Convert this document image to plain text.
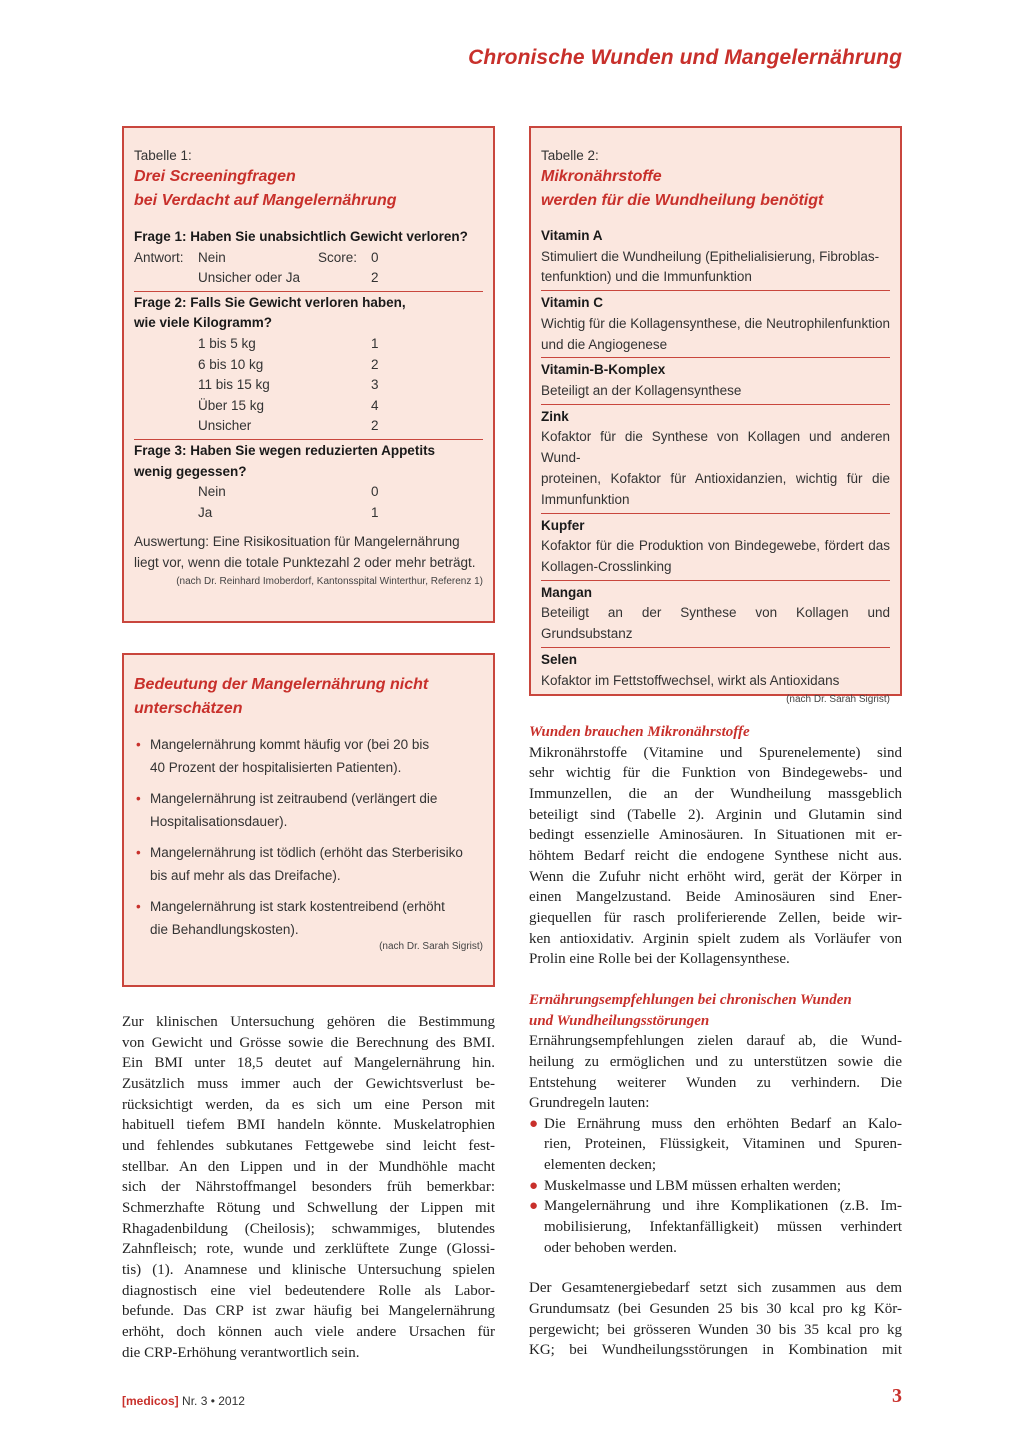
Chronische Wunden und Mangelernährung

Tabelle 1:

Drei Screeningfragen

bei Verdacht auf Mangelernährung

Frage 1: Haben Sie unabsichtlich Gewicht verloren?
Antwort: Nein	Score: 0
Unsicher oder Ja	2
Frage 2: Falls Sie Gewicht verloren haben,
wie viele Kilogramm?
1 bis 5 kg	1
6 bis 10 kg	2
11 bis 15 kg	3
Über 15 kg	4
Unsicher	2
Frage 3: Haben Sie wegen reduzierten Appetits
wenig gegessen?
Nein	0
Ja	1
Auswertung: Eine Risikosituation für Mangelernährung
liegt vor, wenn die totale Punktezahl 2 oder mehr beträgt.
(nach Dr. Reinhard Imoberdorf, Kantonsspital Winterthur, Referenz 1)

Tabelle 2:

Mikronährstoffe

werden für die Wundheilung benötigt

Vitamin A
Stimuliert die Wundheilung (Epithelialisierung, Fibroblas-
tenfunktion) und die Immunfunktion
Vitamin C
Wichtig für die Kollagensynthese, die Neutrophilenfunktion
und die Angiogenese
Vitamin-B-Komplex
Beteiligt an der Kollagensynthese
Zink
Kofaktor für die Synthese von Kollagen und anderen Wund-
proteinen, Kofaktor für Antioxidanzien, wichtig für die
Immunfunktion
Kupfer
Kofaktor für die Produktion von Bindegewebe, fördert das
Kollagen-Crosslinking
Mangan
Beteiligt an der Synthese von Kollagen und Grundsubstanz
Selen
Kofaktor im Fettstoffwechsel, wirkt als Antioxidans
(nach Dr. Sarah Sigrist)

Bedeutung der Mangelernährung nicht

unterschätzen

• Mangelernährung kommt häufig vor (bei 20 bis
40 Prozent der hospitalisierten Patienten).
• Mangelernährung ist zeitraubend (verlängert die
Hospitalisationsdauer).
• Mangelernährung ist tödlich (erhöht das Sterberisiko
bis auf mehr als das Dreifache).
• Mangelernährung ist stark kostentreibend (erhöht
die Behandlungskosten).
(nach Dr. Sarah Sigrist)
Zur klinischen Untersuchung gehören die Bestimmung
von Gewicht und Grösse sowie die Berechnung des BMI.
Ein BMI unter 18,5 deutet auf Mangelernährung hin.
Zusätzlich muss immer auch der Gewichtsverlust be-
rücksichtigt werden, da es sich um eine Person mit
habituell tiefem BMI handeln könnte. Muskelatrophien
und fehlendes subkutanes Fettgewebe sind leicht fest-
stellbar. An den Lippen und in der Mundhöhle macht
sich der Nährstoffmangel besonders früh bemerkbar:
Schmerzhafte Rötung und Schwellung der Lippen mit
Rhagadenbildung (Cheilosis); schwammiges, blutendes
Zahnfleisch; rote, wunde und zerklüftete Zunge (Glossi-
tis) (1). Anamnese und klinische Untersuchung spielen
diagnostisch eine viel bedeutendere Rolle als Labor-
befunde. Das CRP ist zwar häufig bei Mangelernährung
erhöht, doch können auch viele andere Ursachen für
die CRP-Erhöhung verantwortlich sein.
Wunden brauchen Mikronährstoffe
Mikronährstoffe (Vitamine und Spurenelemente) sind
sehr wichtig für die Funktion von Bindegewebs- und
Immunzellen, die an der Wundheilung massgeblich
beteiligt sind (Tabelle 2). Arginin und Glutamin sind
bedingt essenzielle Aminosäuren. In Situationen mit er-
höhtem Bedarf reicht die endogene Synthese nicht aus.
Wenn die Zufuhr nicht erhöht wird, gerät der Körper in
einen Mangelzustand. Beide Aminosäuren sind Ener-
giequellen für rasch proliferierende Zellen, beide wir-
ken antioxidativ. Arginin spielt zudem als Vorläufer von
Prolin eine Rolle bei der Kollagensynthese.
Ernährungsempfehlungen bei chronischen Wunden
und Wundheilungsstörungen
Ernährungsempfehlungen zielen darauf ab, die Wund-
heilung zu ermöglichen und zu unterstützen sowie die
Entstehung weiterer Wunden zu verhindern. Die
Grundregeln lauten:
● Die Ernährung muss den erhöhten Bedarf an Kalo-
rien, Proteinen, Flüssigkeit, Vitaminen und Spuren-
elementen decken;
● Muskelmasse und LBM müssen erhalten werden;
● Mangelernährung und ihre Komplikationen (z.B. Im-
mobilisierung, Infektanfälligkeit) müssen verhindert
oder behoben werden.
Der Gesamtenergiebedarf setzt sich zusammen aus dem
Grundumsatz (bei Gesunden 25 bis 30 kcal pro kg Kör-
pergewicht; bei grösseren Wunden 30 bis 35 kcal pro kg
KG; bei Wundheilungsstörungen in Kombination mit
[medicos] Nr. 3 • 2012	3
